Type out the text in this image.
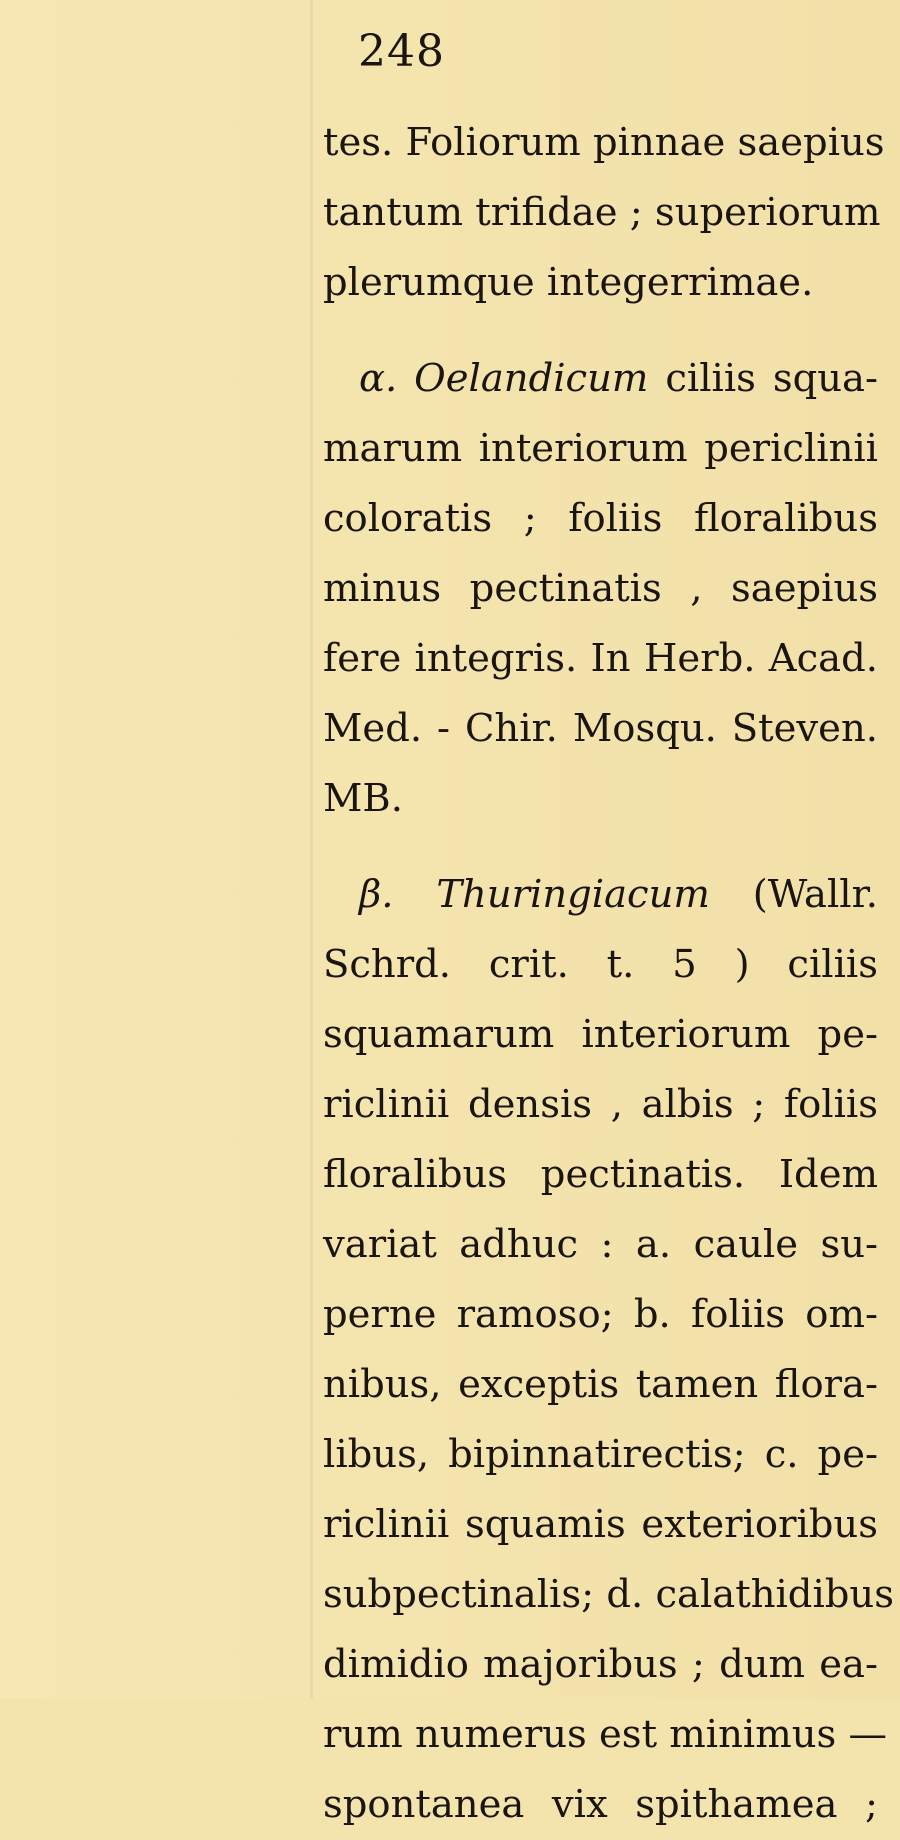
248
tes. Foliorum pinnae saepius
tantum trifidae ; superiorum
plerumque integerrimae.
α. Oelandicum ciliis squa-
marum interiorum periclinii
coloratis ; foliis floralibus
minus pectinatis , saepius
fere integris. In Herb. Acad.
Med. - Chir. Mosqu. Steven.
MB.
β. Thuringiacum (Wallr.
Schrd. crit. t. 5 ) ciliis
squamarum interiorum pe-
riclinii densis , albis ; foliis
floralibus pectinatis. Idem
variat adhuc : a. caule su-
perne ramoso; b. foliis om-
nibus, exceptis tamen flora-
libus, bipinnatirectis; c. pe-
riclinii squamis exterioribus
subpectinalis; d. calathidibus
dimidio majoribus ; dum ea-
rum numerus est minimus —
spontanea vix spithamea ;
